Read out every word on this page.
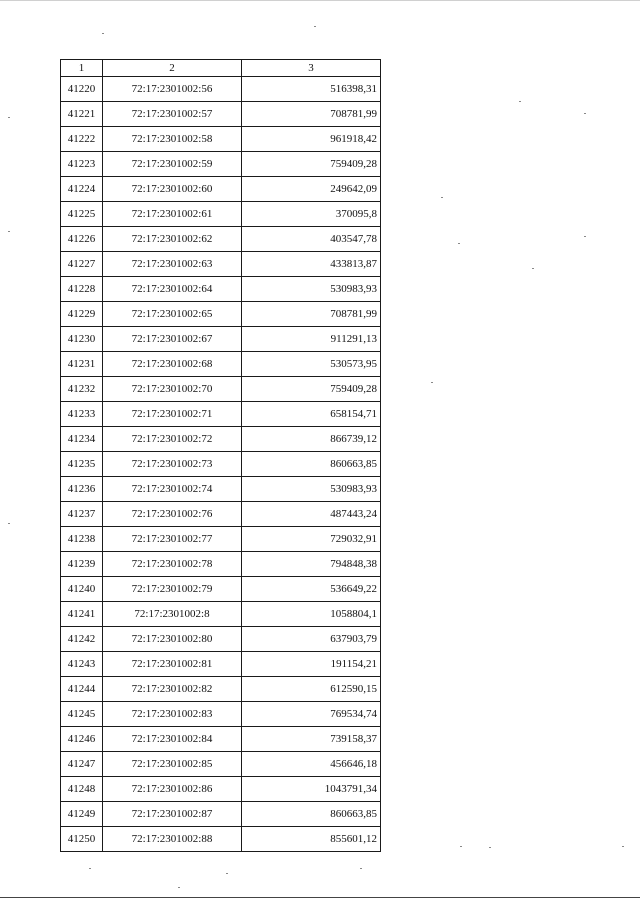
1	2	3
41220	72:17:2301002:56	516398,31
41221	72:17:2301002:57	708781,99
41222	72:17:2301002:58	961918,42
41223	72:17:2301002:59	759409,28
41224	72:17:2301002:60	249642,09
41225	72:17:2301002:61	370095,8
41226	72:17:2301002:62	403547,78
41227	72:17:2301002:63	433813,87
41228	72:17:2301002:64	530983,93
41229	72:17:2301002:65	708781,99
41230	72:17:2301002:67	911291,13
41231	72:17:2301002:68	530573,95
41232	72:17:2301002:70	759409,28
41233	72:17:2301002:71	658154,71
41234	72:17:2301002:72	866739,12
41235	72:17:2301002:73	860663,85
41236	72:17:2301002:74	530983,93
41237	72:17:2301002:76	487443,24
41238	72:17:2301002:77	729032,91
41239	72:17:2301002:78	794848,38
41240	72:17:2301002:79	536649,22
41241	72:17:2301002:8	1058804,1
41242	72:17:2301002:80	637903,79
41243	72:17:2301002:81	191154,21
41244	72:17:2301002:82	612590,15
41245	72:17:2301002:83	769534,74
41246	72:17:2301002:84	739158,37
41247	72:17:2301002:85	456646,18
41248	72:17:2301002:86	1043791,34
41249	72:17:2301002:87	860663,85
41250	72:17:2301002:88	855601,12
